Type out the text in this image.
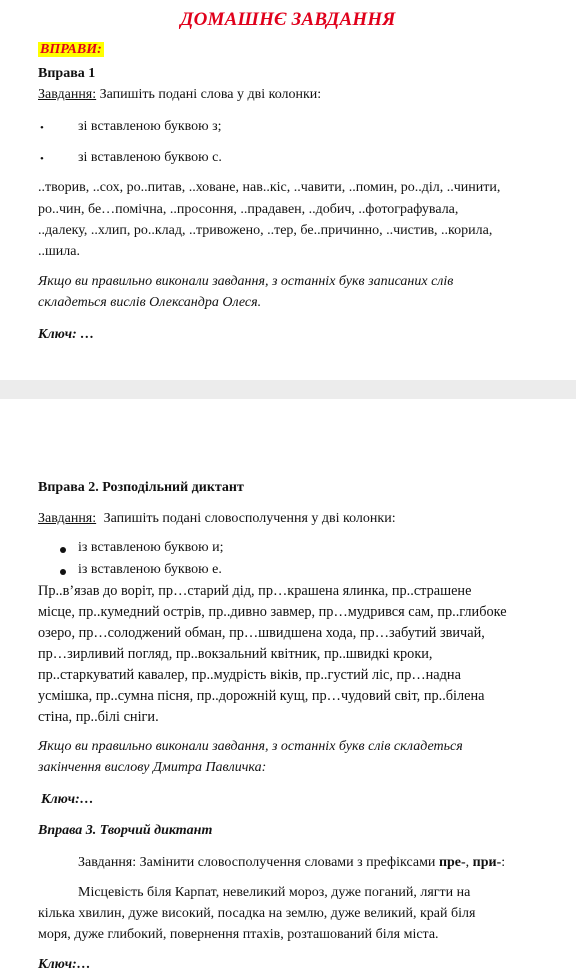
ДОМАШНЄ ЗАВДАННЯ
ВПРАВИ:
Вправа 1
Завдання: Запишіть подані слова у дві колонки:
• зі вставленою буквою з;
• зі вставленою буквою с.
..творив, ..сох, ро..питав, ..ховане, нав..кіс, ..чавити, ..помин, ро..діл, ..чинити,
ро..чин, бе…помічна, ..просоння, ..прадавен, ..добич, ..фотографувала,
..далеку, ..хлип, ро..клад, ..тривожено, ..тер, бе..причинно, ..чистив, ..корила,
..шила.
Якщо ви правильно виконали завдання, з останніх букв записаних слів
складеться вислів Олександра Олеся.
Ключ: …
Вправа 2. Розподільний диктант
Завдання: Запишіть подані словосполучення у дві колонки:
із вставленою буквою и;
із вставленою буквою е.
Пр..в’язав до воріт, пр…старий дід, пр…крашена ялинка, пр..страшене
місце, пр..кумедний острів, пр..дивно завмер, пр…мудрився сам, пр..глибоке
озеро, пр…солоджений обман, пр…швидшена хода, пр…забутий звичай,
пр…зирливий погляд, пр..вокзальний квітник, пр..швидкі кроки,
пр..старкуватий кавалер, пр..мудрість віків, пр..густий ліс, пр…надна
усмішка, пр..сумна пісня, пр..дорожній кущ, пр…чудовий світ, пр..білена
стіна, пр..білі сніги.
Якщо ви правильно виконали завдання, з останніх букв слів складеться
закінчення вислову Дмитра Павличка:
Ключ:…
Вправа 3. Творчий диктант
Завдання: Замінити словосполучення словами з префіксами пре-, при-:
Місцевість біля Карпат, невеликий мороз, дуже поганий, лягти на
кілька хвилин, дуже високий, посадка на землю, дуже великий, край біля
моря, дуже глибокий, повернення птахів, розташований біля міста.
Ключ:…
